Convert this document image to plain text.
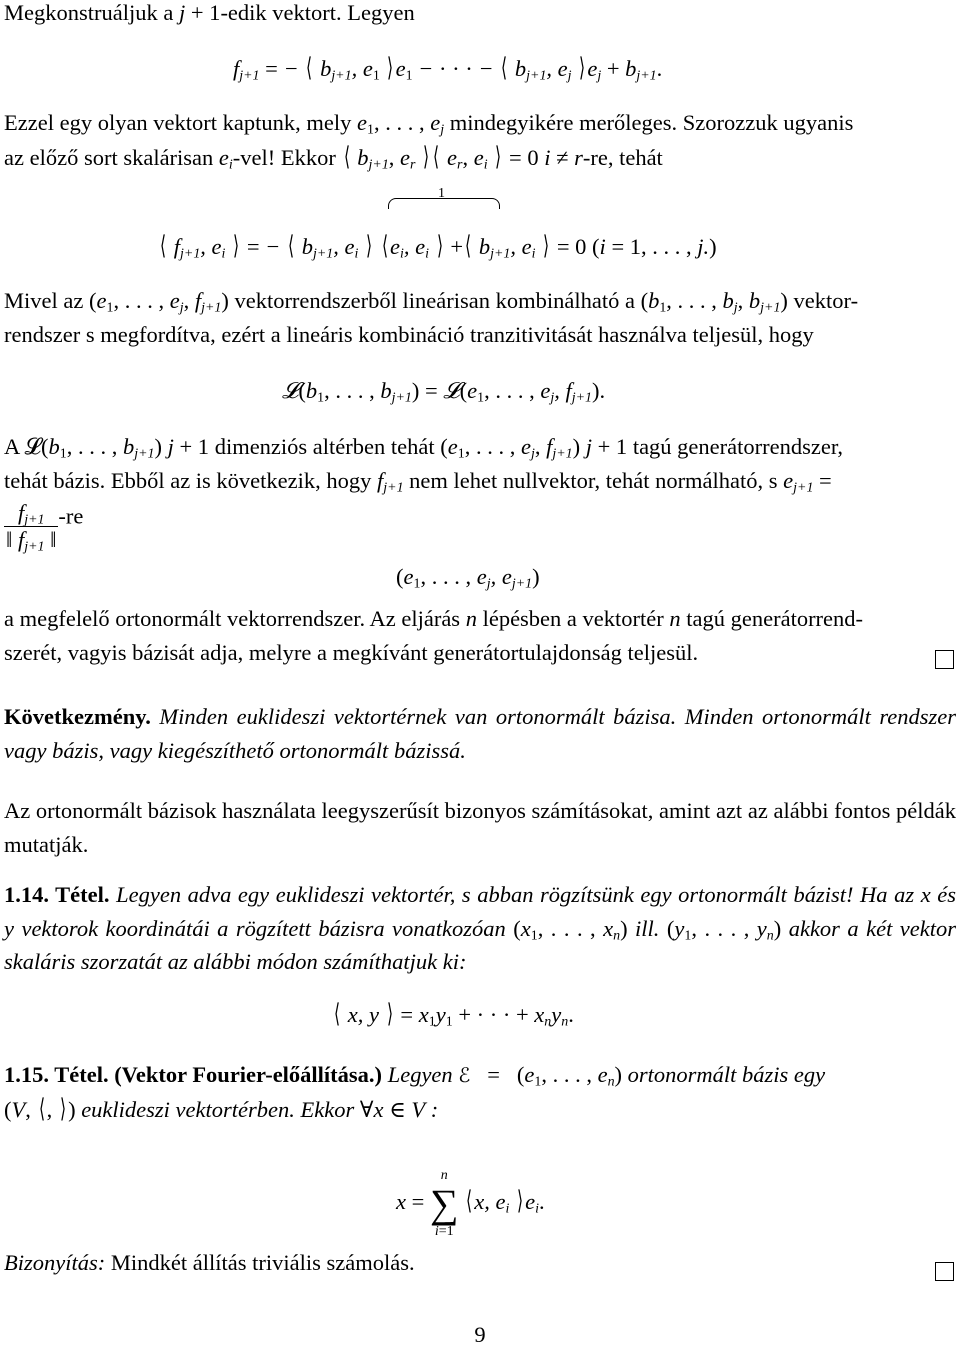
Megkonstruáljuk a j + 1-edik vektort. Legyen
$f_{j+1}$ = − ⟨ $b_{j+1}$, $e_1$ $⟩e_1$ − · · · − ⟨ $b_{j+1}$, $e_j$ $⟩e_j + b_{j+1}$.
Ezzel egy olyan vektort kaptunk, mely $e_1$, . . . , $e_j$ mindegyikére merőleges. Szorozzuk ugyanis
az előző sort skalárisan $e_i$-vel! Ekkor ⟨ $b_{j+1}$, $e_r$ ⟩ ⟨ $e_r$, $e_i$ ⟩ = 0 i ≠ r-re, tehát
1
⟨ $f_{j+1}$, $e_i$ ⟩ = − ⟨ $b_{j+1}$, $e_i$ ⟩ $⟨e_i$, $e_i$ ⟩ +⟨ $b_{j+1}$, $e_i$ ⟩ = 0 (i = 1, . . . , j.)
Mivel az ($e_1$, . . . , $e_j$, $f_{j+1}$) vektorrendszerből lineárisan kombinálható a ($b_1$, . . . , $b_j$, $b_{j+1}$) vektor-
rendszer s megfordítva, ezért a lineáris kombináció tranzitivitását használva teljesül, hogy
$𝓛(b_1$, . . . , $b_{j+1}$) = $𝓛(e_1$, . . . , $e_j$, $f_{j+1}$).
A $𝓛(b_1$, . . . , $b_{j+1}$) j + 1 dimenziós altérben tehát ($e_1$, . . . , $e_j$, $f_{j+1}$) j + 1 tagú generátorrendszer,
tehát bázis. Ebből az is következik, hogy $f_{j+1}$ nem lehet nullvektor, tehát normálható, s $e_{j+1}$ =
$\frac{f_{j+1}}{‖ f_{j+1} ‖} -re$
($e_1$, . . . , $e_j$, $e_{j+1}$)
a megfelelő ortonormált vektorrendszer. Az eljárás n lépésben a vektortér n tagú generátorrend-
szerét, vagyis bázisát adja, melyre a megkívánt generátortulajdonság teljesül.
Következmény. Minden euklideszi vektortérnek van ortonormált bázisa. Minden ortonormált rendszer vagy bázis, vagy kiegészíthető ortonormált bázissá.
Az ortonormált bázisok használata leegyszerűsít bizonyos számításokat, amint azt az alábbi fontos példák mutatják.
1.14. Tétel. Legyen adva egy euklideszi vektortér, s abban rögzítsünk egy ortonormált bázist! Ha az x és y vektorok koordinátái a rögzített bázisra vonatkozóan ($x_1$, . . . , $x_n$) ill. ($y_1$, . . . , $y_n$) akkor a két vektor skaláris szorzatát az alábbi módon számíthatjuk ki:
⟨ x, y ⟩ = $x_1y_1$ + · · · + $x_ny_n$.
1.15. Tétel. (Vektor Fourier-előállítása.) Legyen ℰ   =   ($e_1$, . . . , $e_n$) ortonormált bázis egy
(V, ⟨, ⟩) euklideszi vektortérben. Ekkor ∀x ∈ V :
x =
n
∑
i=1
⟨x, $e_i$ $⟩e_i$.
Bizonyítás: Mindkét állítás triviális számolás.
9
